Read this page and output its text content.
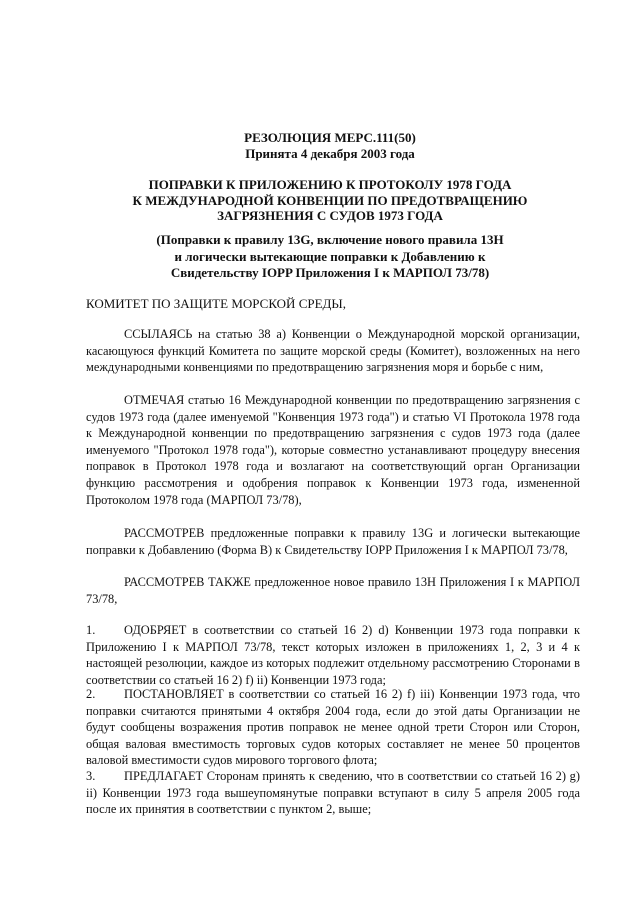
РЕЗОЛЮЦИЯ МЕРС.111(50)
Принята 4 декабря 2003 года
ПОПРАВКИ К ПРИЛОЖЕНИЮ К ПРОТОКОЛУ 1978 ГОДА
К МЕЖДУНАРОДНОЙ КОНВЕНЦИИ ПО ПРЕДОТВРАЩЕНИЮ
ЗАГРЯЗНЕНИЯ С СУДОВ 1973 ГОДА
(Поправки к правилу 13G, включение нового правила 13Н
и логически вытекающие поправки к Добавлению к
Свидетельству IOPP Приложения I к МАРПОЛ 73/78)
КОМИТЕТ ПО ЗАЩИТЕ МОРСКОЙ СРЕДЫ,

ССЫЛАЯСЬ на статью 38 а) Конвенции о Международной морской организации, касающуюся функций Комитета по защите морской среды (Комитет), возложенных на него международными конвенциями по предотвращению загрязнения моря и борьбе с ним,

ОТМЕЧАЯ статью 16 Международной конвенции по предотвращению загрязнения с судов 1973 года (далее именуемой "Конвенция 1973 года") и статью VI Протокола 1978 года к Международной конвенции по предотвращению загрязнения с судов 1973 года (далее именуемого "Протокол 1978 года"), которые совместно устанавливают процедуру внесения поправок в Протокол 1978 года и возлагают на соответствующий орган Организации функцию рассмотрения и одобрения поправок к Конвенции 1973 года, измененной Протоколом 1978 года (МАРПОЛ 73/78),

РАССМОТРЕВ предложенные поправки к правилу 13G и логически вытекающие поправки к Добавлению (Форма В) к Свидетельству IOPP Приложения I к МАРПОЛ 73/78,

РАССМОТРЕВ ТАКЖЕ предложенное новое правило 13Н Приложения I к МАРПОЛ 73/78,

1. ОДОБРЯЕТ в соответствии со статьей 16 2) d) Конвенции 1973 года поправки к Приложению I к МАРПОЛ 73/78, текст которых изложен в приложениях 1, 2, 3 и 4 к настоящей резолюции, каждое из которых подлежит отдельному рассмотрению Сторонами в соответствии со статьей 16 2) f) ii) Конвенции 1973 года;
2. ПОСТАНОВЛЯЕТ в соответствии со статьей 16 2) f) iii) Конвенции 1973 года, что поправки считаются принятыми 4 октября 2004 года, если до этой даты Организации не будут сообщены возражения против поправок не менее одной трети Сторон или Сторон, общая валовая вместимость торговых судов которых составляет не менее 50 процентов валовой вместимости судов мирового торгового флота;
3. ПРЕДЛАГАЕТ Сторонам принять к сведению, что в соответствии со статьей 16 2) g) ii) Конвенции 1973 года вышеупомянутые поправки вступают в силу 5 апреля 2005 года после их принятия в соответствии с пунктом 2, выше;
